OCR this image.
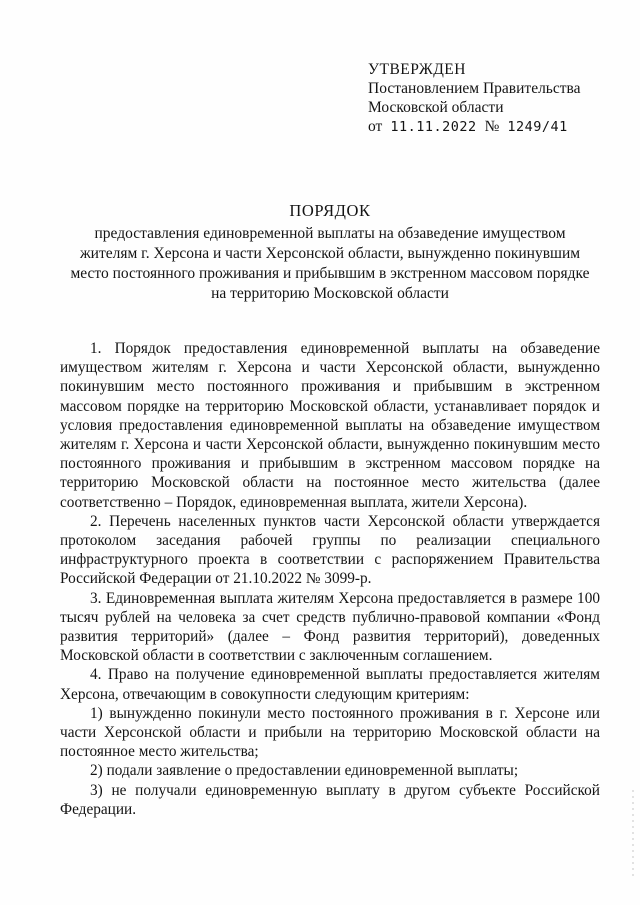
УТВЕРЖДЕН
Постановлением Правительства
Московской области
от 11.11.2022 № 1249/41
ПОРЯДОК
предоставления единовременной выплаты на обзаведение имуществом
жителям г. Херсона и части Херсонской области, вынужденно покинувшим
место постоянного проживания и прибывшим в экстренном массовом порядке
на территорию Московской области

1. Порядок предоставления единовременной выплаты на обзаведение имуществом жителям г. Херсона и части Херсонской области, вынужденно покинувшим место постоянного проживания и прибывшим в экстренном массовом порядке на территорию Московской области, устанавливает порядок и условия предоставления единовременной выплаты на обзаведение имуществом жителям г. Херсона и части Херсонской области, вынужденно покинувшим место постоянного проживания и прибывшим в экстренном массовом порядке на территорию Московской области на постоянное место жительства (далее соответственно – Порядок, единовременная выплата, жители Херсона).

2. Перечень населенных пунктов части Херсонской области утверждается протоколом заседания рабочей группы по реализации специального инфраструктурного проекта в соответствии с распоряжением Правительства Российской Федерации от 21.10.2022 № 3099-р.

3. Единовременная выплата жителям Херсона предоставляется в размере 100 тысяч рублей на человека за счет средств публично-правовой компании «Фонд развития территорий» (далее – Фонд развития территорий), доведенных Московской области в соответствии с заключенным соглашением.

4. Право на получение единовременной выплаты предоставляется жителям Херсона, отвечающим в совокупности следующим критериям:

1) вынужденно покинули место постоянного проживания в г. Херсоне или части Херсонской области и прибыли на территорию Московской области на постоянное место жительства;

2) подали заявление о предоставлении единовременной выплаты;

3) не получали единовременную выплату в другом субъекте Российской Федерации.
